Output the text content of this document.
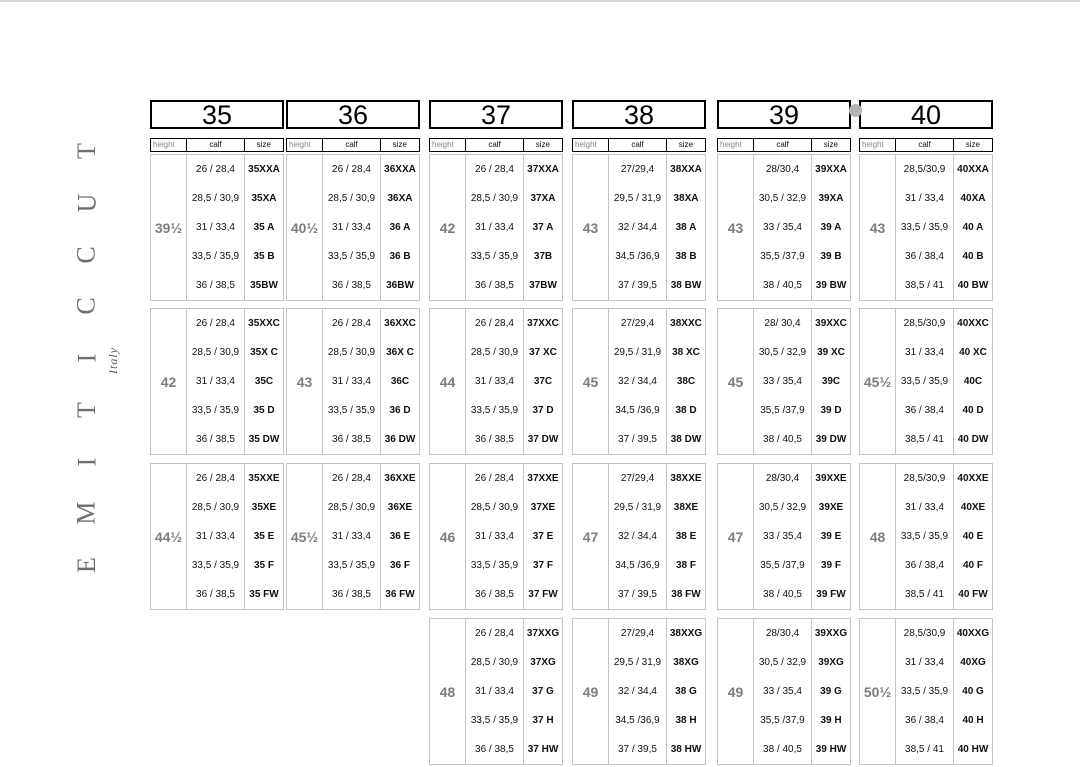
T
U
C
C
I
T
I
M
E
Italy
35
height	calf	size
39½
26 / 28,4	35XXA
28,5 / 30,9	35XA
31 / 33,4	35 A
33,5 / 35,9	35 B
36 / 38,5	35BW
42
26 / 28,4	35XXC
28,5 / 30,9	35X C
31 / 33,4	35C
33,5 / 35,9	35 D
36 / 38,5	35 DW
44½
26 / 28,4	35XXE
28,5 / 30,9	35XE
31 / 33,4	35 E
33,5 / 35,9	35 F
36 / 38,5	35 FW
36
height	calf	size
40½
26 / 28,4	36XXA
28,5 / 30,9	36XA
31 / 33,4	36 A
33,5 / 35,9	36 B
36 / 38,5	36BW
43
26 / 28,4	36XXC
28,5 / 30,9	36X C
31 / 33,4	36C
33,5 / 35,9	36 D
36 / 38,5	36 DW
45½
26 / 28,4	36XXE
28,5 / 30,9	36XE
31 / 33,4	36 E
33,5 / 35,9	36 F
36 / 38,5	36 FW
37
height	calf	size
42
26 / 28,4	37XXA
28,5 / 30,9	37XA
31 / 33,4	37 A
33,5 / 35,9	37B
36 / 38,5	37BW
44
26 / 28,4	37XXC
28,5 / 30,9	37 XC
31 / 33,4	37C
33,5 / 35,9	37 D
36 / 38,5	37 DW
46
26 / 28,4	37XXE
28,5 / 30,9	37XE
31 / 33,4	37 E
33,5 / 35,9	37 F
36 / 38,5	37 FW
48
26 / 28,4	37XXG
28,5 / 30,9	37XG
31 / 33,4	37 G
33,5 / 35,9	37 H
36 / 38,5	37 HW
38
height	calf	size
43
27/29,4	38XXA
29,5 / 31,9	38XA
32 / 34,4	38 A
34,5 /36,9	38 B
37 / 39,5	38 BW
45
27/29,4	38XXC
29,5 / 31,9	38 XC
32 / 34,4	38C
34,5 /36,9	38 D
37 / 39,5	38 DW
47
27/29,4	38XXE
29,5 / 31,9	38XE
32 / 34,4	38 E
34,5 /36,9	38 F
37 / 39,5	38 FW
49
27/29,4	38XXG
29,5 / 31,9	38XG
32 / 34,4	38 G
34,5 /36,9	38 H
37 / 39,5	38 HW
39
height	calf	size
43
28/30,4	39XXA
30,5 / 32,9	39XA
33 / 35,4	39 A
35,5 /37,9	39 B
38 / 40,5	39 BW
45
28/ 30,4	39XXC
30,5 / 32,9	39 XC
33 / 35,4	39C
35,5 /37,9	39 D
38 / 40,5	39 DW
47
28/30,4	39XXE
30,5 / 32,9	39XE
33 / 35,4	39 E
35,5 /37,9	39 F
38 / 40,5	39 FW
49
28/30,4	39XXG
30,5 / 32,9	39XG
33 / 35,4	39 G
35,5 /37,9	39 H
38 / 40,5	39 HW
40
height	calf	size
43
28,5/30,9	40XXA
31 / 33,4	40XA
33,5 / 35,9	40 A
36 / 38,4	40 B
38,5 / 41	40 BW
45½
28,5/30,9	40XXC
31 / 33,4	40 XC
33,5 / 35,9	40C
36 / 38,4	40 D
38,5 / 41	40 DW
48
28,5/30,9	40XXE
31 / 33,4	40XE
33,5 / 35,9	40 E
36 / 38,4	40 F
38,5 / 41	40 FW
50½
28,5/30,9	40XXG
31 / 33,4	40XG
33,5 / 35,9	40 G
36 / 38,4	40 H
38,5 / 41	40 HW
